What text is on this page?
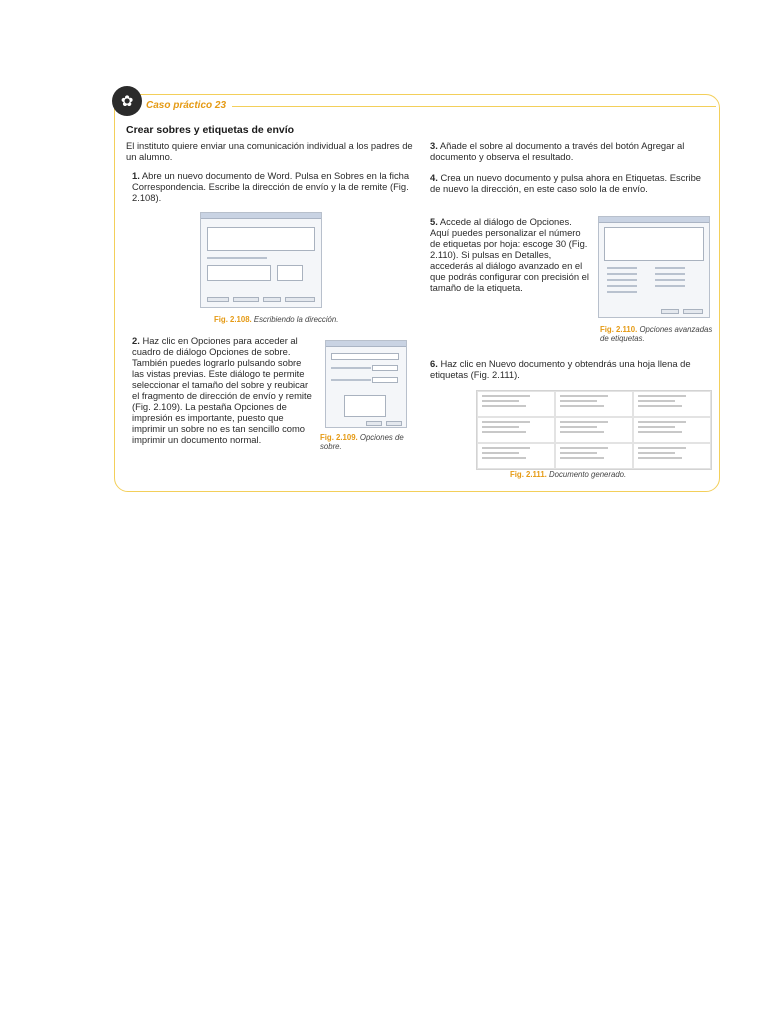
✿	Caso práctico 23
Crear sobres y etiquetas de envío

El instituto quiere enviar una comunicación individual a los padres de un alumno.

1. Abre un nuevo documento de Word. Pulsa en Sobres en la ficha Correspondencia. Escribe la dirección de envío y la de remite (Fig. 2.108).

Fig. 2.108. Escribiendo la dirección.

2. Haz clic en Opciones para acceder al cuadro de diálogo Opciones de sobre. También puedes lograrlo pulsando sobre las vistas previas. Este diálogo te permite seleccionar el tamaño del sobre y reubicar el fragmento de dirección de envío y remite (Fig. 2.109). La pestaña Opciones de impresión es importante, puesto que imprimir un sobre no es tan sencillo como imprimir un documento normal.	Fig. 2.109. Opciones de sobre.

3. Añade el sobre al documento a través del botón Agregar al documento y observa el resultado.

4. Crea un nuevo documento y pulsa ahora en Etiquetas. Escribe de nuevo la dirección, en este caso solo la de envío.

5. Accede al diálogo de Opciones. Aquí puedes personalizar el número de etiquetas por hoja: escoge 30 (Fig. 2.110). Si pulsas en Detalles, accederás al diálogo avanzado en el que podrás configurar con precisión el tamaño de la etiqueta.

Fig. 2.110. Opciones avanzadas de etiquetas.

6. Haz clic en Nuevo documento y obtendrás una hoja llena de etiquetas (Fig. 2.111).

Fig. 2.111. Documento generado.
